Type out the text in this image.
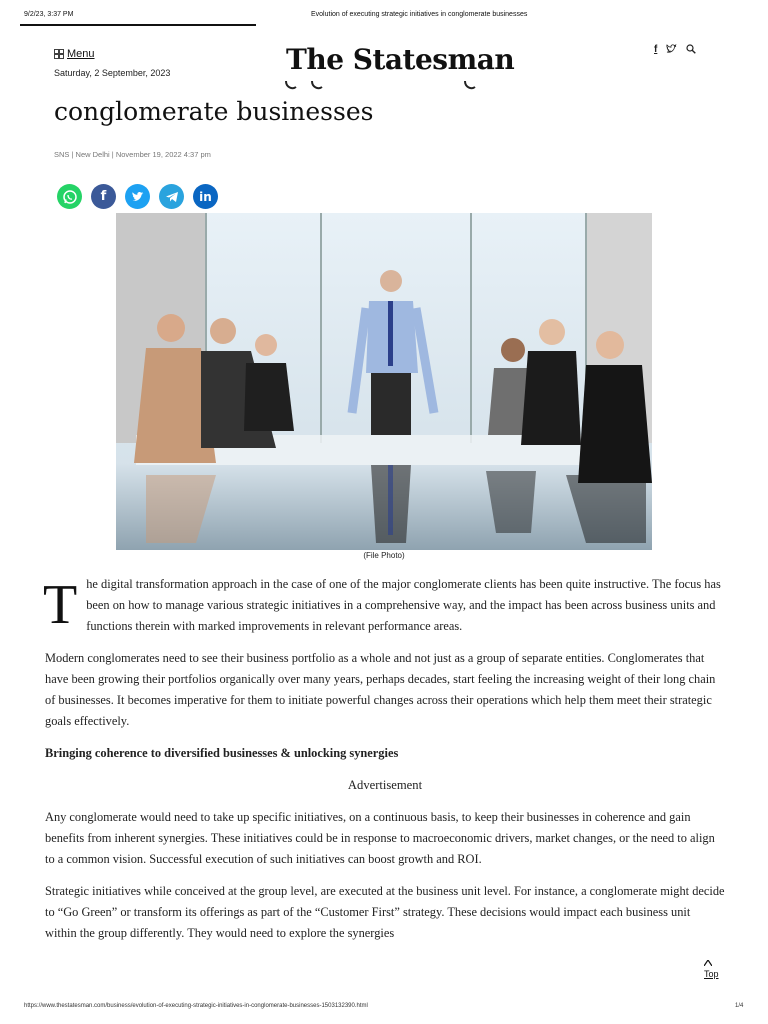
9/2/23, 3:37 PM	Evolution of executing strategic initiatives in conglomerate businesses
Menu
Saturday, 2 September, 2023	The Statesman	f
conglomerate businesses
SNS | New Delhi | November 19, 2022 4:37 pm
f	in
(File Photo)

T he digital transformation approach in the case of one of the major conglomerate clients has been quite instructive. The focus has been on how to manage various strategic initiatives in a comprehensive way, and the impact has been across business units and functions therein with marked improvements in relevant performance areas.

Modern conglomerates need to see their business portfolio as a whole and not just as a group of separate entities. Conglomerates that have been growing their portfolios organically over many years, perhaps decades, start feeling the increasing weight of their long chain of businesses. It becomes imperative for them to initiate powerful changes across their operations which help them meet their strategic goals effectively.

Bringing coherence to diversified businesses & unlocking synergies

Advertisement

Any conglomerate would need to take up specific initiatives, on a continuous basis, to keep their businesses in coherence and gain benefits from inherent synergies. These initiatives could be in response to macroeconomic drivers, market changes, or the need to align to a common vision. Successful execution of such initiatives can boost growth and ROI.

Strategic initiatives while conceived at the group level, are executed at the business unit level. For instance, a conglomerate might decide to “Go Green” or transform its offerings as part of the “Customer First” strategy. These decisions would impact each business unit within the group differently. They would need to explore the synergies

Top
https://www.thestatesman.com/business/evolution-of-executing-strategic-initiatives-in-conglomerate-businesses-1503132390.html	1/4
